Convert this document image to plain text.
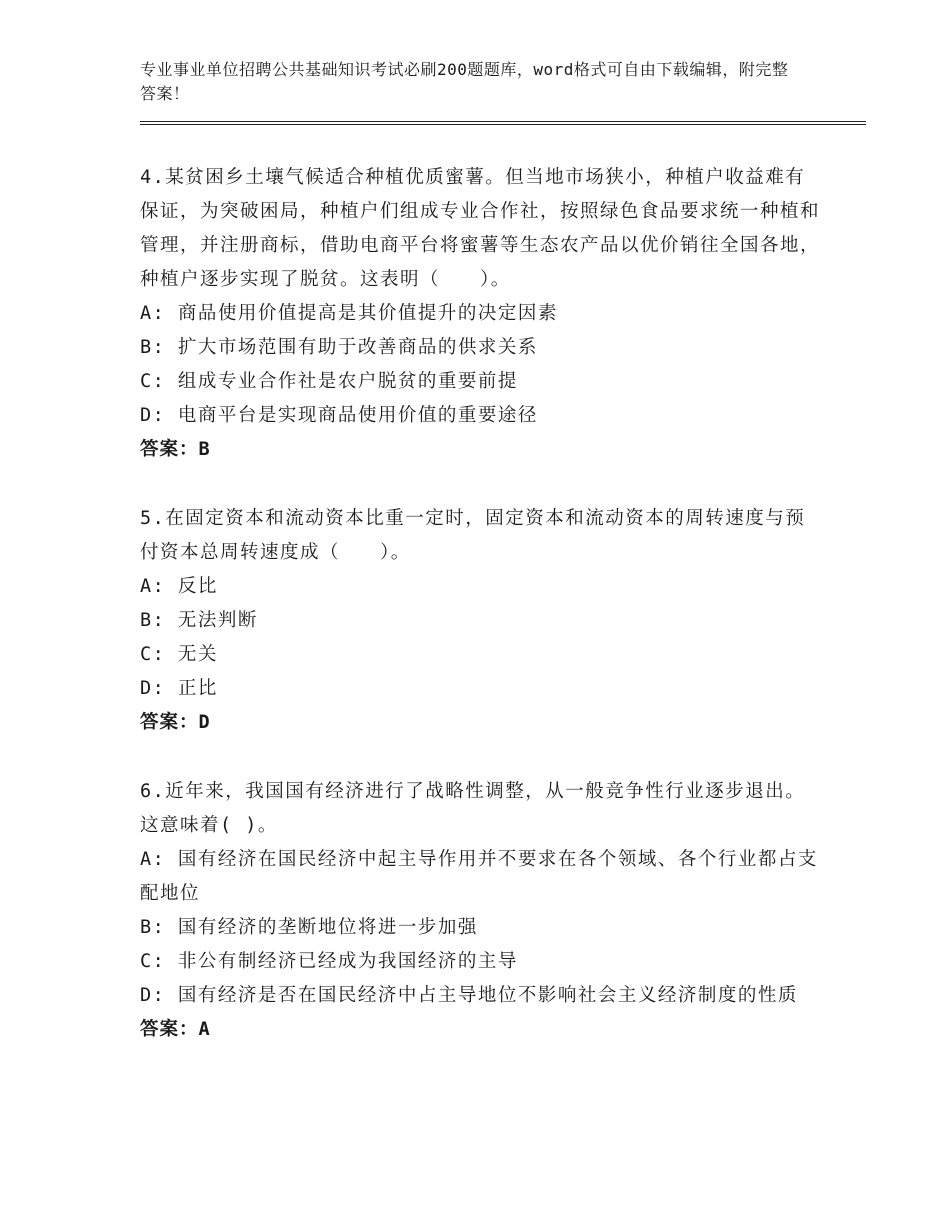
专业事业单位招聘公共基础知识考试必刷200题题库，word格式可自由下载编辑，附完整答案！

4.某贫困乡土壤气候适合种植优质蜜薯。但当地市场狭小，种植户收益难有保证，为突破困局，种植户们组成专业合作社，按照绿色食品要求统一种植和管理，并注册商标，借助电商平台将蜜薯等生态农产品以优价销往全国各地，种植户逐步实现了脱贫。这表明（　　）。

A: 商品使用价值提高是其价值提升的决定因素

B: 扩大市场范围有助于改善商品的供求关系

C: 组成专业合作社是农户脱贫的重要前提

D: 电商平台是实现商品使用价值的重要途径

答案：B

5.在固定资本和流动资本比重一定时，固定资本和流动资本的周转速度与预付资本总周转速度成（　　）。

A: 反比

B: 无法判断

C: 无关

D: 正比

答案：D

6.近年来，我国国有经济进行了战略性调整，从一般竞争性行业逐步退出。这意味着( )。

A: 国有经济在国民经济中起主导作用并不要求在各个领域、各个行业都占支配地位

B: 国有经济的垄断地位将进一步加强

C: 非公有制经济已经成为我国经济的主导

D: 国有经济是否在国民经济中占主导地位不影响社会主义经济制度的性质

答案：A
